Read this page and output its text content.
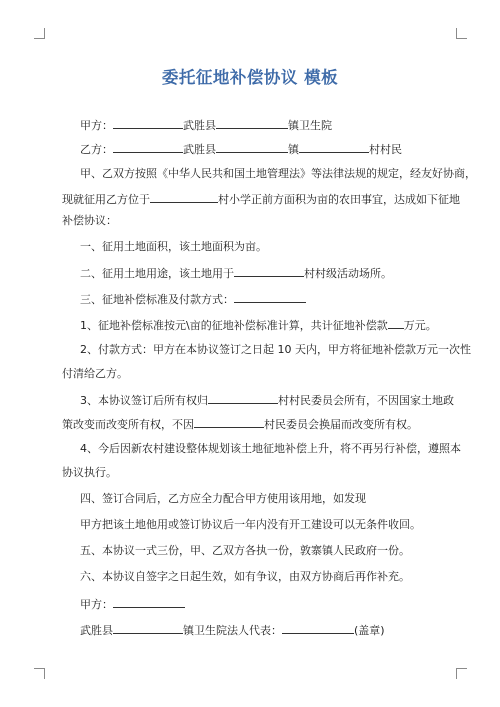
委托征地补偿协议 模板
甲方：	武胜县	镇卫生院
乙方：	武胜县	镇	村村民
甲、乙双方按照《中华人民共和国土地管理法》等法律法规的规定，经友好协商，
现就征用乙方位于	村小学正前方面积为亩的农田事宜，达成如下征地
补偿协议：
一、征用土地面积，该土地面积为亩。
二、征用土地用途，该土地用于	村村级活动场所。
三、征地补偿标准及付款方式：
1、征地补偿标准按元\亩的征地补偿标准计算，共计征地补偿款 万元。
2、付款方式：甲方在本协议签订之日起 10 天内，甲方将征地补偿款万元一次性
付清给乙方。
3、本协议签订后所有权归	村村民委员会所有，不因国家土地政
策改变而改变所有权，不因	村民委员会换届而改变所有权。
4、今后因新农村建设整体规划该土地征地补偿上升，将不再另行补偿，遵照本
协议执行。
四、签订合同后，乙方应全力配合甲方使用该用地，如发现
甲方把该土地他用或签订协议后一年内没有开工建设可以无条件收回。
五、本协议一式三份，甲、乙双方各执一份，敦寨镇人民政府一份。
六、本协议自签字之日起生效，如有争议，由双方协商后再作补充。
甲方：
武胜县	镇卫生院法人代表：	(盖章)
